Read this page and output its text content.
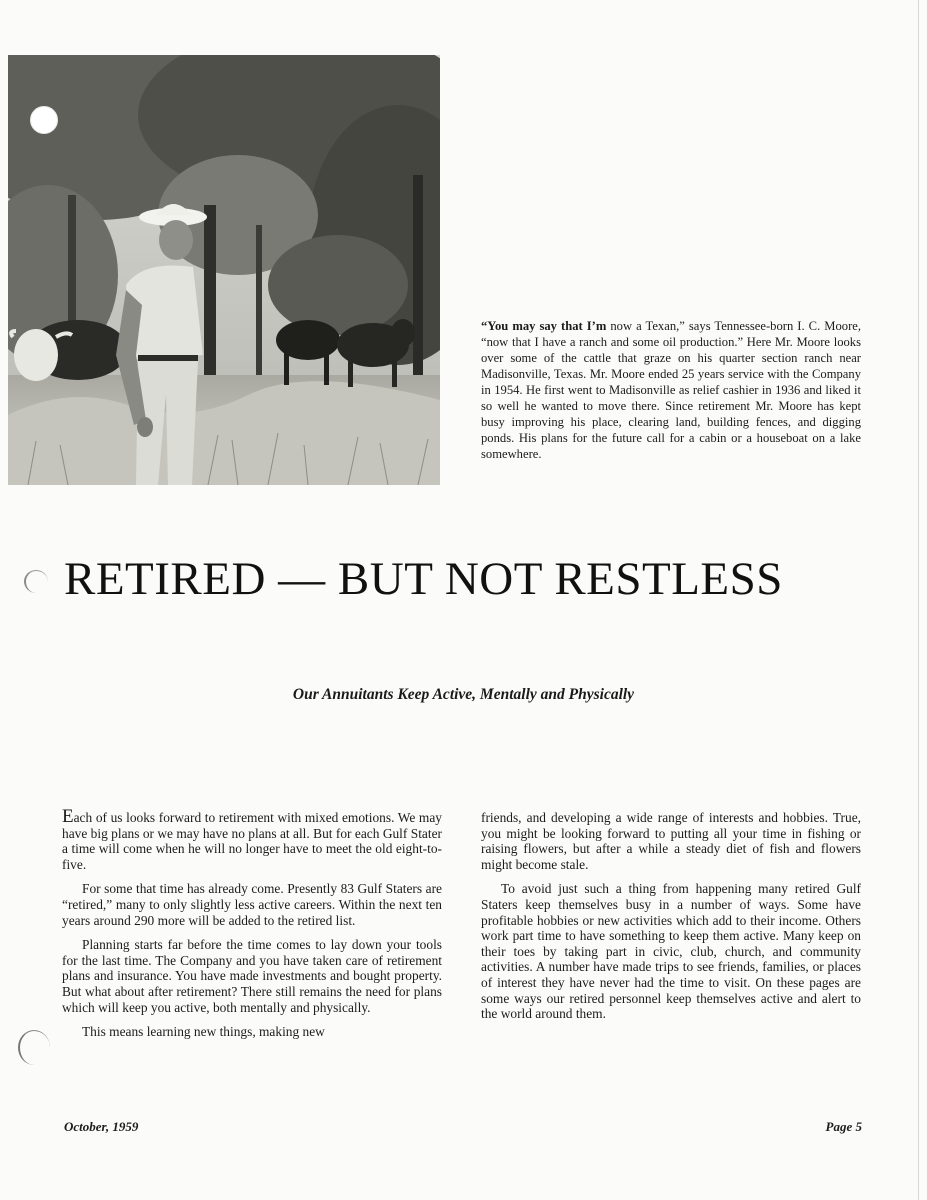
“You may say that I’m now a Texan,” says Tennessee-born I. C. Moore, “now that I have a ranch and some oil production.” Here Mr. Moore looks over some of the cattle that graze on his quarter section ranch near Madisonville, Texas. Mr. Moore ended 25 years service with the Company in 1954. He first went to Madisonville as relief cashier in 1936 and liked it so well he wanted to move there. Since retirement Mr. Moore has kept busy improving his place, clearing land, building fences, and digging ponds. His plans for the future call for a cabin or a houseboat on a lake somewhere.
RETIRED — BUT NOT RESTLESS
Our Annuitants Keep Active, Mentally and Physically

Each of us looks forward to retirement with mixed emotions. We may have big plans or we may have no plans at all. But for each Gulf Stater a time will come when he will no longer have to meet the old eight-to-five.

For some that time has already come. Presently 83 Gulf Staters are “retired,” many to only slightly less active careers. Within the next ten years around 290 more will be added to the retired list.

Planning starts far before the time comes to lay down your tools for the last time. The Company and you have taken care of retirement plans and insurance. You have made investments and bought property. But what about after retirement? There still remains the need for plans which will keep you active, both mentally and physically.

This means learning new things, making new

friends, and developing a wide range of interests and hobbies. True, you might be looking forward to putting all your time in fishing or raising flowers, but after a while a steady diet of fish and flowers might become stale.

To avoid just such a thing from happening many retired Gulf Staters keep themselves busy in a number of ways. Some have profitable hobbies or new activities which add to their income. Others work part time to have something to keep them active. Many keep on their toes by taking part in civic, club, church, and community activities. A number have made trips to see friends, families, or places of interest they have never had the time to visit. On these pages are some ways our retired personnel keep themselves active and alert to the world around them.

October, 1959	Page 5
